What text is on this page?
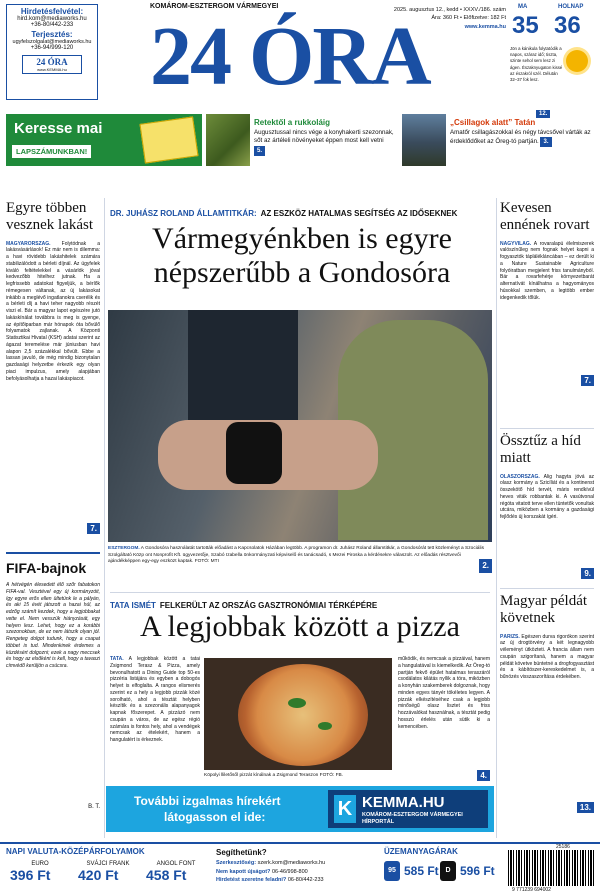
Hirdetésfelvétel:
hird.kom@mediaworks.hu
+36-80/442-233
Terjesztés:
ugyfelszolgalat@mediaworks.hu
+36-94/999-120
24 ÓRA
www.KEMMA.hu
KOMÁROM-ESZTERGOM VÁRMEGYEI
24 ÓRA
2025. augusztus 12., kedd • XXXV./186. szám
Ára: 360 Ft • Előfizetve: 182 Ft
www.kemma.hu
MA	HOLNAP
35 36
Jön a kánikula folytatódik a napos, száraz idő; tiszta, szinte sehol sem lesz zi ágen. Északnyugaton kissé az északról szél. Délután 32–37 fok lesz.
12.
Keresse mai
LAPSZÁMUNKBAN!
Retektől a rukkoláig
Augusztussal nincs vége a konyhakerti szezonnak, sőt az ártéleli növényeket éppen most kell vetni 5.
„Csillagok alatt” Tatán
Amatőr csillagászokkal és négy távcsővel várták az érdeklődőket az Öreg-tó partján. 3.
Egyre többen vesznek lakást
MAGYARORSZÁG. Folytódnak a lakásvásárlások! Ez már nem is dilemma: a havi rövidebb lakáshitelek számára stabilizálódott a bérleti díjnál. Az ügyfelek kiváló feltételekkel a vásárlók jóval kedvezőbb hitelhez jutnak. Ha a legfrissebb adatokat figyeljük, a bérlők rémegesen váltanak, az új lakásokat inkább a meglévő ingatlanokra cserélik és a bérleti díj a havi teher nagyobb részét viszi el. Bár a magyar lapot egészére jutó lakáskínálat továbbra is meg is gyenge, az építőiparban már hónapok óta bővülő folyamatok zajlanak. A Központi Statisztikai Hivatal (KSH) adatai szerint az ágazat teremelése már júniusban havi alapon 2,5 százalékkal bővült. Ebbe a lassan javuló, de még mindig bizonytalan gazdasági helyzetbe érkezik egy olyan piaci impulzus, amely alapjában befolyásolhatja a hazai lakáspiacot.
7.
FIFA-bajnok
A hétvégén élesedett élő szőr fabatokon FIFA-val. Vesztével egy új kormányzóit, így egyre erős ellen ültetünk le a pályán, és aki 15 évét játszott a hazai húl, az edzőg számít kezdek, hogy a legjobbakat vette el. Nem vesszük hiányzását, egy helyen lesz. Lehet, hogy ez a korábbi szezonokban, de ez nem látszik olyan jól. Rengeteg dolgot tudunk, hogy a csapat többet is tud. Mindenkinek érdemes a küzdésért dolgozni; ezek a nagy meccsek és hogy az elsőként is kell, hogy a tavaszi címvédő kerüljön a csúcsra.
B. T.
DR. JUHÁSZ ROLAND ÁLLAMTITKÁR: AZ ESZKÖZ HATALMAS SEGÍTSÉG AZ IDŐSEKNEK
Vármegyénkben is egyre népszerűbb a Gondosóra
ESZTERGOM. A Gondosóra használatát tartották előadást a Kapcsolatok Házában legtöbb. A programon dr. Juhász Roland államtitkár, a Gondosórát tett közleményt a Szociális Szolgáltató Közp ont Nonprofit Kft. ügyvezetője, Szabó Izabella önkormányzati képviselő és tanácsadó, s Mezei Piroska a kérdésekre válaszolt. Az előadás résztvevői ajándékképpen egy-egy eszközt kaptak. FOTÓ: MTI	2.
TATA ISMÉT FELKERÜLT AZ ORSZÁG GASZTRONÓMIAI TÉRKÉPÉRE
A legjobbak között a pizza
TATA. A legjobbak között a tatai Zsigmond Terasz & Pizza, amely bevonulhatott a Dining Guide top 50-es pizzéria listájára és egyben a dobogós helyet is elfoglalta. A rangos elismerés szerint ez a hely a legjobb pizzák közé sorolható, ahol a tésztát helyben készítik és a szezonális alapanyagok kapnak főszerepet. A pizzázó nem csupán a város, de az egész régió számára is fontos hely, ahol a vendégek nemcsak az ételekért, hanem a hangulatért is érkeznek.
Köpolyi lliletősől pizzát kínálnak a Zsigmond Teraszon FOTÓ: FB.
működik, és nemcsak a pizzáival, hanem a hangulatával is kiemelkedik. Az Öreg-tó partján fekvő épület hatalmas teraszáról csodálatos kilátás nyílik a tóra, miközben a konyhán szakemberek dolgoznak, hogy minden egyes tányér tökéletes legyen. A pizzák elkészítéséhez csak a legjobb minőségű olasz lisztet és friss hozzávalókat használnak, a tésztát pedig hosszú érlelés után sütik ki a kemencében.
4.
További izgalmas hírekért
látogasson el ide:	K KEMMA.HU
KOMÁROM-ESZTERGOM VÁRMEGYEI HÍRPORTÁL
Kevesen ennének rovart
NAGYVILÁG. A rovaralapú élelmiszerek valószínűleg nem fognak helyet kapni a fogyasztók táplálékláncában – ez derült ki a Nature Sustainable Agriculture folyóiratban megjelent friss tanulmányból. Bár a rovarfehérje környezetbarát alternatívát kínálhatna a hagyományos húsokkal szemben, a legtöbb ember idegenkedik tőlük.
7.
Össztűz a híd miatt
OLASZORSZÁG. Alig hagyta jóvá az olasz kormány a Szicíliát és a kontinenst összekötő híd tervét, máris rendkívül heves viták robbantak ki. A vasútvonal régóta vitatott terve ellen tüntetők vonultak utcára, miközben a kormány a gazdasági fejlődés új korszakát ígéri.
9.
Magyar példát követnek
PÁRIZS. Egészen durva rigorókon szerint az új drogtörvény a két legnagyobb véleményt ütközteti. A francia állam nem csupán szigorítaná, hanem a magyar példát követve büntetné a drogfogyasztást és a kábítószer-kereskedelmet is, a bűnözés visszaszorítása érdekében.
13.
NAPI VALUTA-KÖZÉPÁRFOLYAMOK
EURO
396 Ft
SVÁJCI FRANK
420 Ft
ANGOL FONT
458 Ft
Segíthetünk?
Szerkesztőség: szerk.kom@mediaworks.hu
Nem kapott újságot? 06-46/998-800
Hirdetést szeretne feladni? 06-80/442-233
ÜZEMANYAGÁRAK
95 585 Ft D 596 Ft
25186
9 771239 694002
